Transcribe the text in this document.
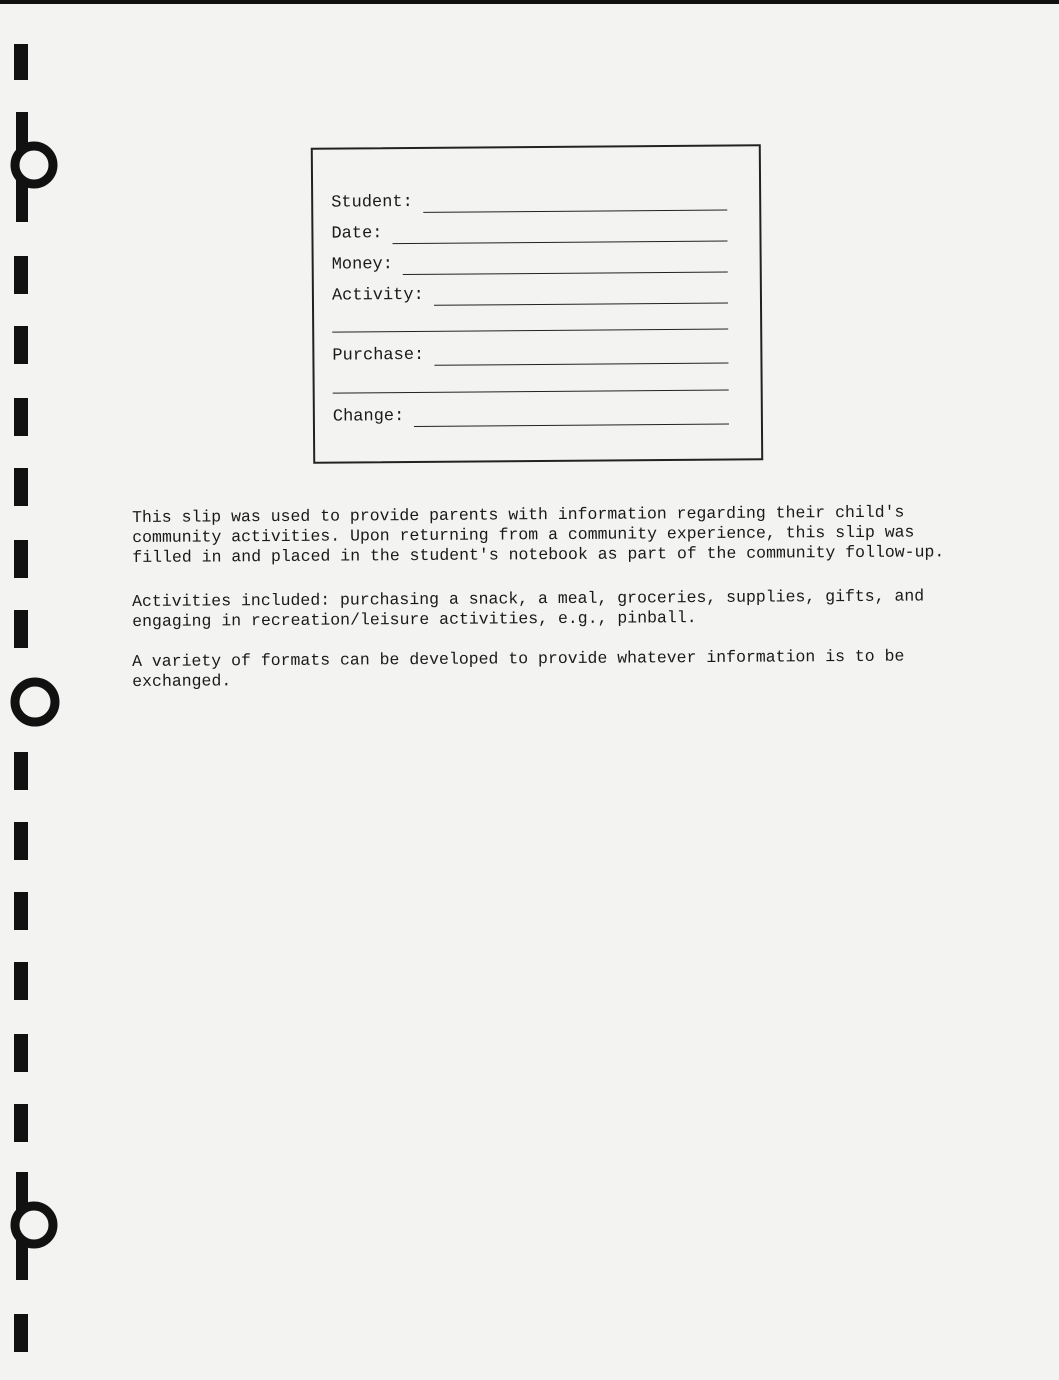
Student:
Date:
Money:
Activity:
Purchase:
Change:
This slip was used to provide parents with information regarding their child's
community activities. Upon returning from a community experience, this slip was
filled in and placed in the student's notebook as part of the community follow-up.
Activities included: purchasing a snack, a meal, groceries, supplies, gifts, and
engaging in recreation/leisure activities, e.g., pinball.
A variety of formats can be developed to provide whatever information is to be
exchanged.
